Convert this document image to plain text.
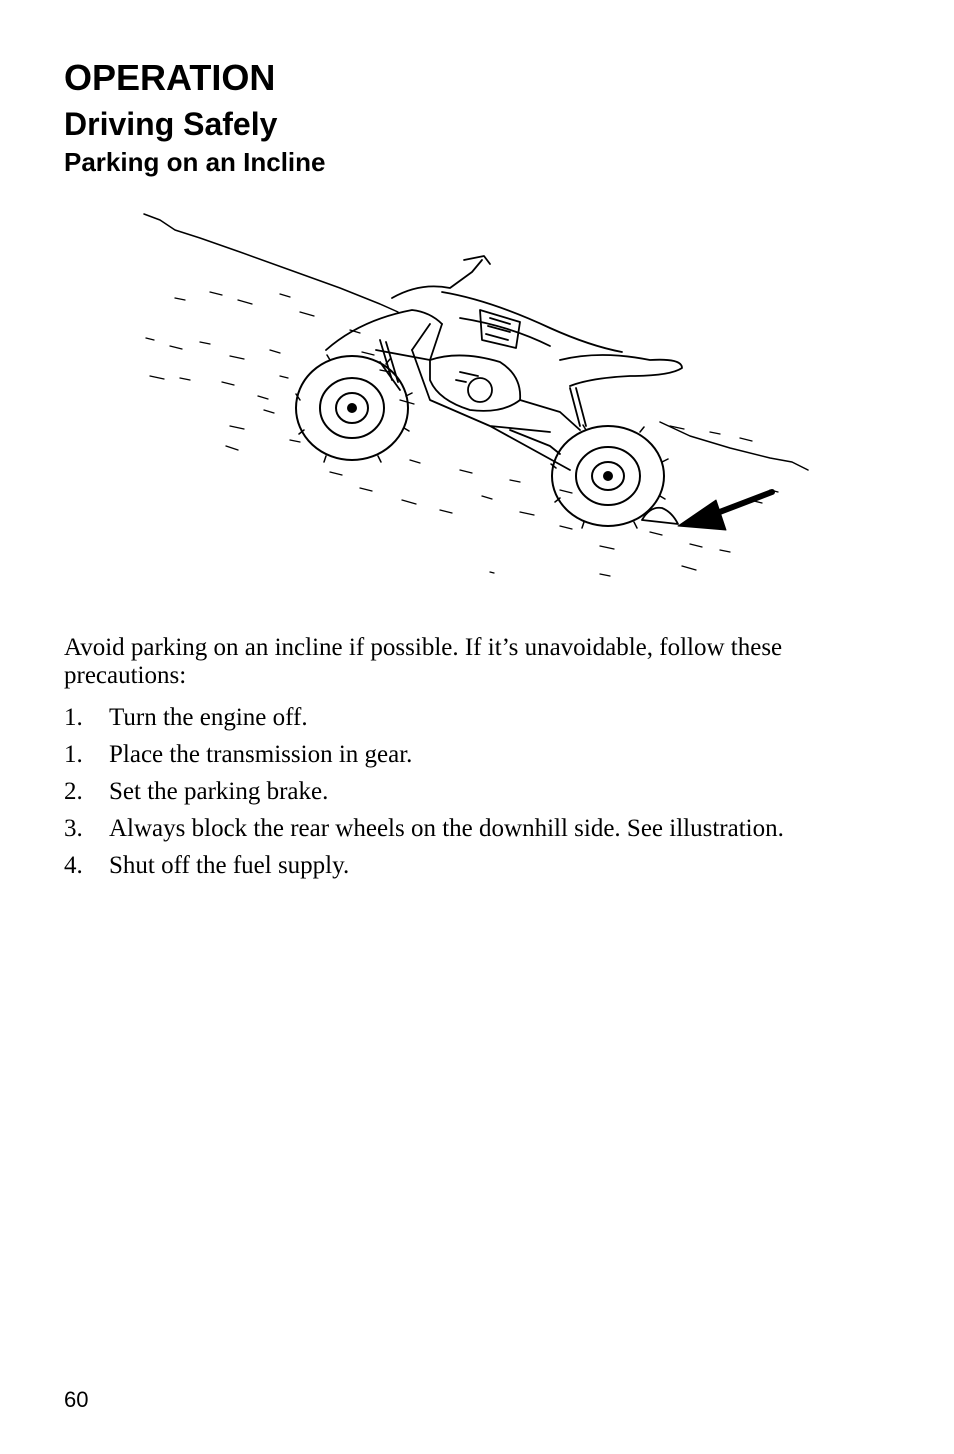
OPERATION
Driving Safely
Parking on an Incline

Avoid parking on an incline if possible. If it’s unavoidable, follow these precautions:

1. Turn the engine off.
1. Place the transmission in gear.
2. Set the parking brake.
3. Always block the rear wheels on the downhill side. See illustration.
4. Shut off the fuel supply.
60
